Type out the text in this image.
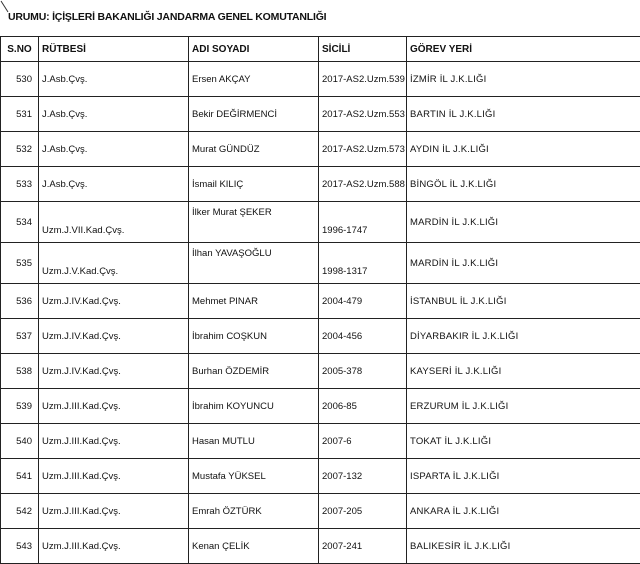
URUMU: İÇİŞLERİ BAKANLIĞI JANDARMA GENEL KOMUTANLIĞI
S.NO	RÜTBESİ	ADI SOYADI	SİCİLİ	GÖREV YERİ
530	J.Asb.Çvş.	Ersen AKÇAY	2017-AS2.Uzm.539	İZMİR İL J.K.LIĞI
531	J.Asb.Çvş.	Bekir DEĞİRMENCİ	2017-AS2.Uzm.553	BARTIN İL J.K.LIĞI
532	J.Asb.Çvş.	Murat GÜNDÜZ	2017-AS2.Uzm.573	AYDIN İL J.K.LIĞI
533	J.Asb.Çvş.	İsmail KILIÇ	2017-AS2.Uzm.588	BİNGÖL İL J.K.LIĞI
534	Uzm.J.VII.Kad.Çvş.	İlker Murat ŞEKER	1996-1747	MARDİN İL J.K.LIĞI
535	Uzm.J.V.Kad.Çvş.	İlhan YAVAŞOĞLU	1998-1317	MARDİN İL J.K.LIĞI
536	Uzm.J.IV.Kad.Çvş.	Mehmet PINAR	2004-479	İSTANBUL İL J.K.LIĞI
537	Uzm.J.IV.Kad.Çvş.	İbrahim COŞKUN	2004-456	DİYARBAKIR İL J.K.LIĞI
538	Uzm.J.IV.Kad.Çvş.	Burhan ÖZDEMİR	2005-378	KAYSERİ İL J.K.LIĞI
539	Uzm.J.III.Kad.Çvş.	İbrahim KOYUNCU	2006-85	ERZURUM İL J.K.LIĞI
540	Uzm.J.III.Kad.Çvş.	Hasan MUTLU	2007-6	TOKAT İL J.K.LIĞI
541	Uzm.J.III.Kad.Çvş.	Mustafa YÜKSEL	2007-132	ISPARTA İL J.K.LIĞI
542	Uzm.J.III.Kad.Çvş.	Emrah ÖZTÜRK	2007-205	ANKARA İL J.K.LIĞI
543	Uzm.J.III.Kad.Çvş.	Kenan ÇELİK	2007-241	BALIKESİR İL J.K.LIĞI
